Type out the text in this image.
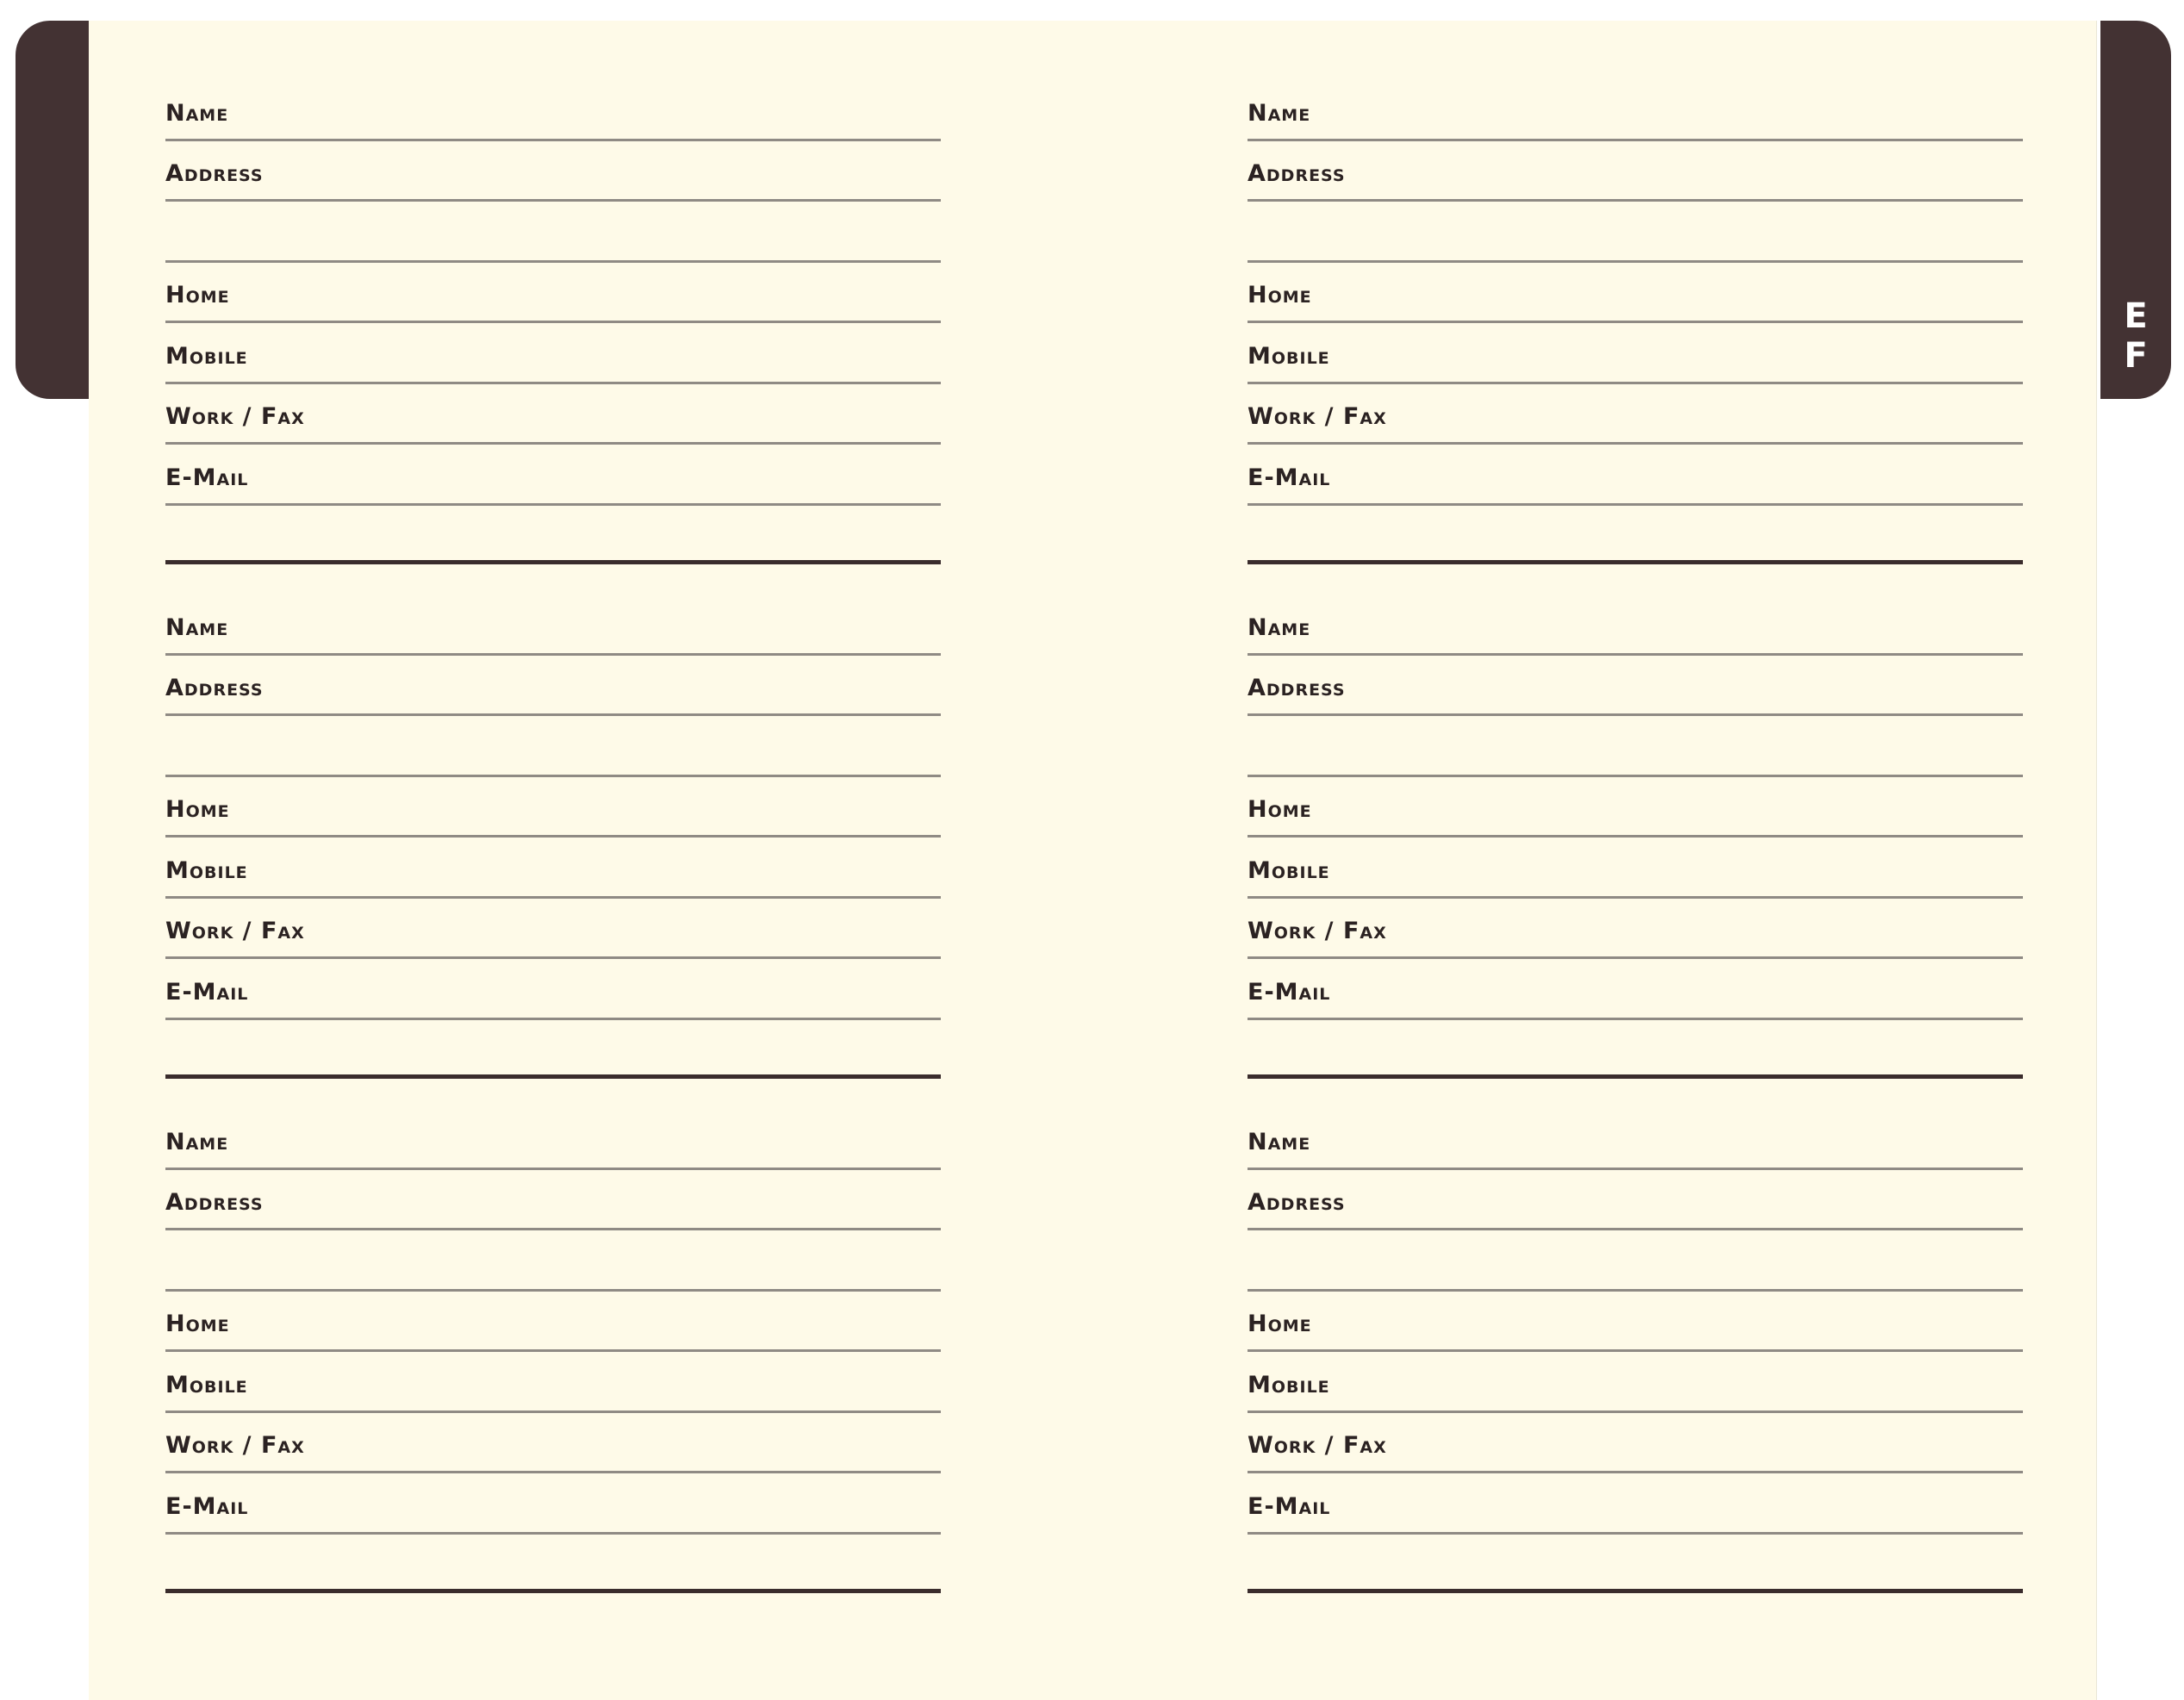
E
F
Name
Address
Home
Mobile
Work / Fax
E-Mail
Name
Address
Home
Mobile
Work / Fax
E-Mail
Name
Address
Home
Mobile
Work / Fax
E-Mail
Name
Address
Home
Mobile
Work / Fax
E-Mail
Name
Address
Home
Mobile
Work / Fax
E-Mail
Name
Address
Home
Mobile
Work / Fax
E-Mail
